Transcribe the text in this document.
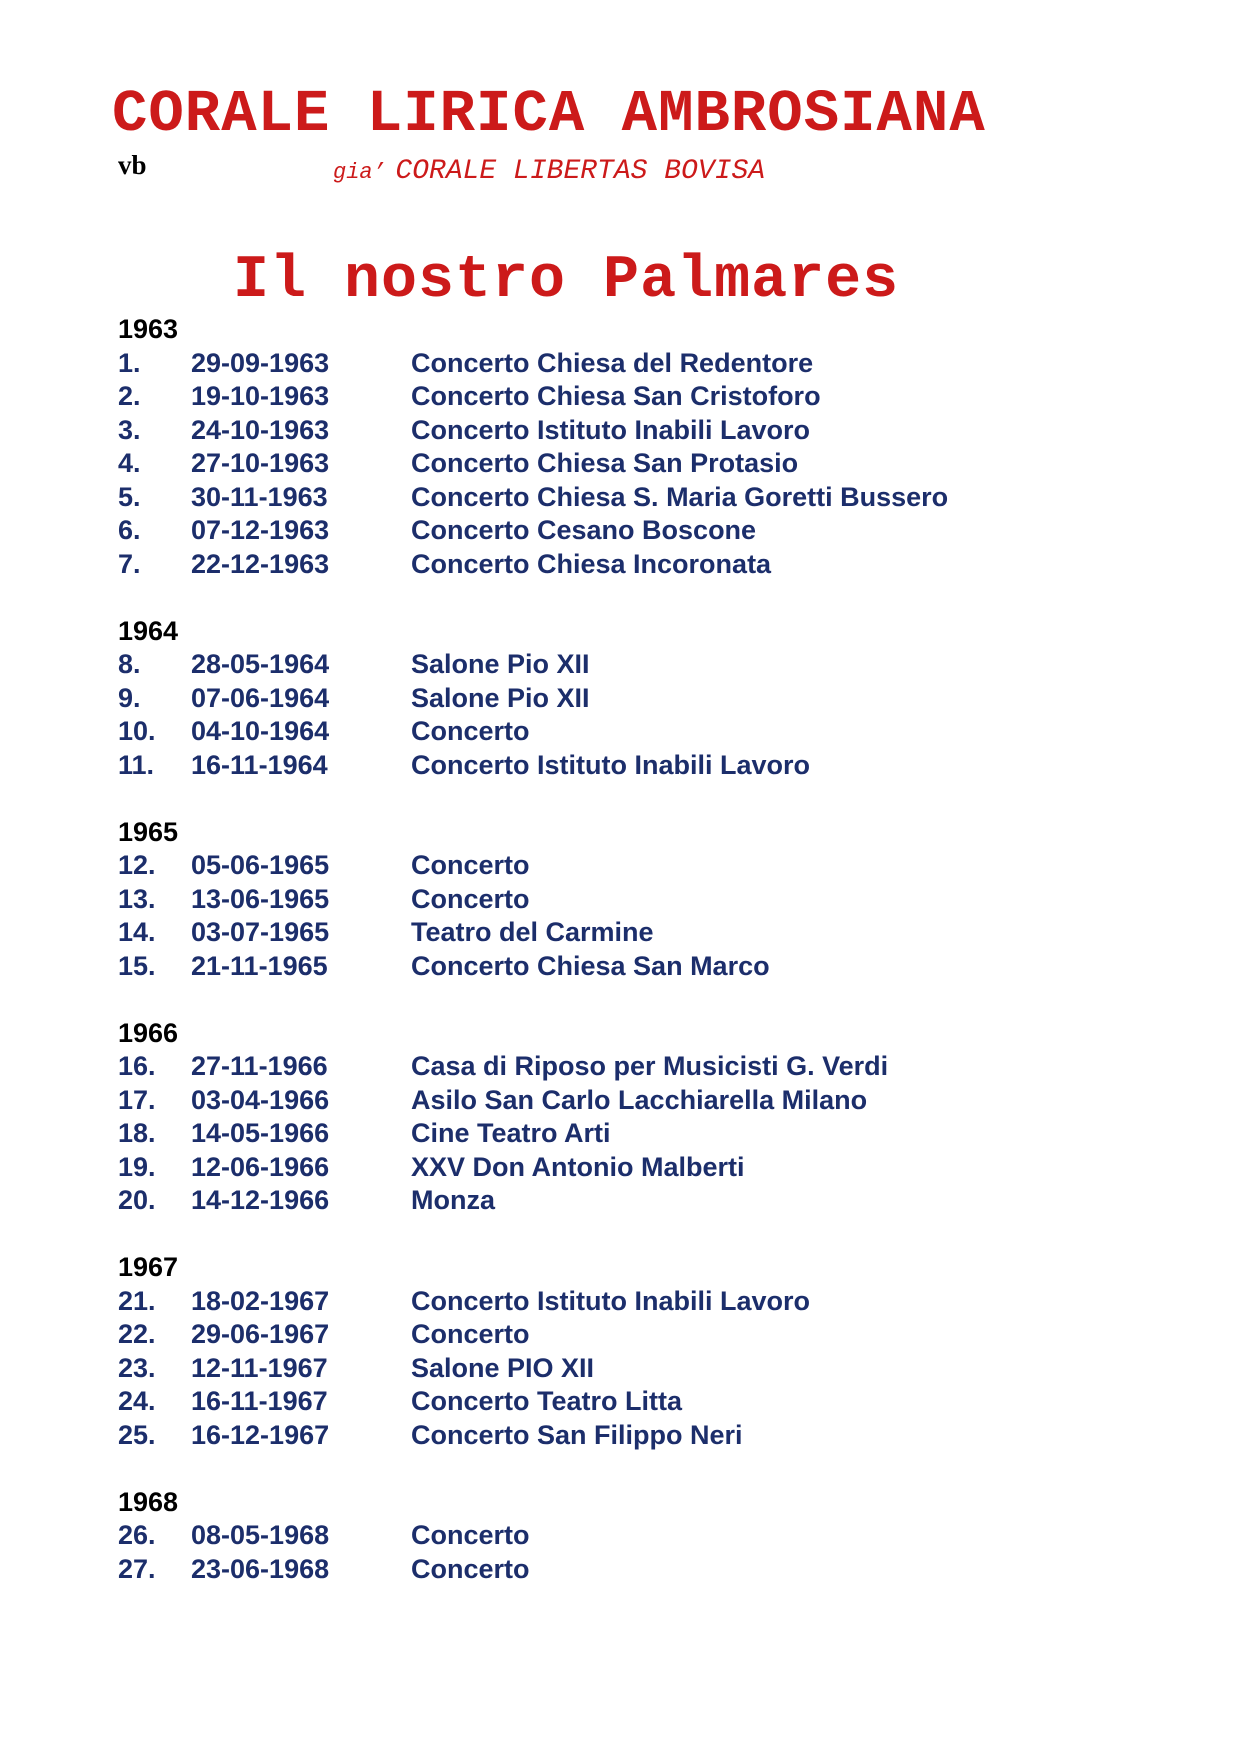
CORALE LIRICA AMBROSIANA
vb	gia’ CORALE LIBERTAS BOVISA
Il nostro Palmares
1963
1.	29-09-1963	Concerto Chiesa del Redentore
2.	19-10-1963	Concerto Chiesa San Cristoforo
3.	24-10-1963	Concerto Istituto Inabili Lavoro
4.	27-10-1963	Concerto Chiesa San Protasio
5.	30-11-1963	Concerto Chiesa S. Maria Goretti Bussero
6.	07-12-1963	Concerto Cesano Boscone
7.	22-12-1963	Concerto Chiesa Incoronata
1964
8.	28-05-1964	Salone Pio XII
9.	07-06-1964	Salone Pio XII
10.	04-10-1964	Concerto
11.	16-11-1964	Concerto Istituto Inabili Lavoro
1965
12.	05-06-1965	Concerto
13.	13-06-1965	Concerto
14.	03-07-1965	Teatro del Carmine
15.	21-11-1965	Concerto Chiesa San Marco
1966
16.	27-11-1966	Casa di Riposo per Musicisti G. Verdi
17.	03-04-1966	Asilo San Carlo Lacchiarella Milano
18.	14-05-1966	Cine Teatro Arti
19.	12-06-1966	XXV Don Antonio Malberti
20.	14-12-1966	Monza
1967
21.	18-02-1967	Concerto Istituto Inabili Lavoro
22.	29-06-1967	Concerto
23.	12-11-1967	Salone PIO XII
24.	16-11-1967	Concerto Teatro Litta
25.	16-12-1967	Concerto San Filippo Neri
1968
26.	08-05-1968	Concerto
27.	23-06-1968	Concerto
